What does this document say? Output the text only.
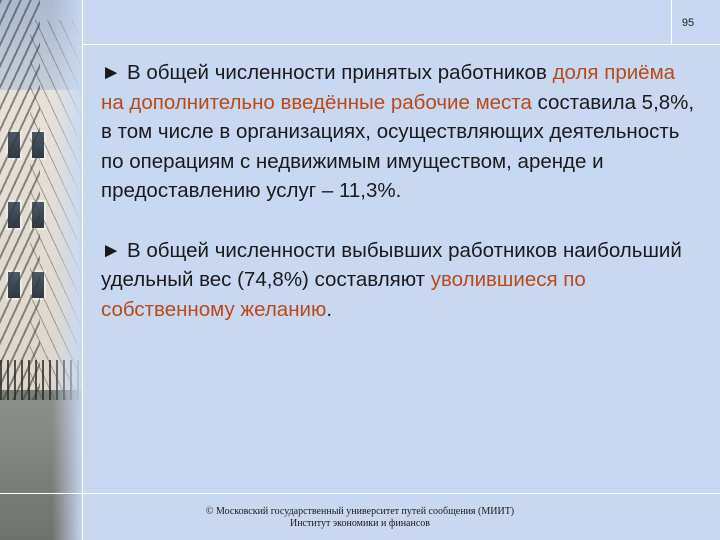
95

► В общей численности принятых работников доля приёма на дополнительно введённые рабочие места составила 5,8%, в том числе в организациях, осуществляющих деятельность по операциям с недвижимым имуществом, аренде и предоставлению услуг – 11,3%.

► В общей численности выбывших работников наибольший удельный вес (74,8%) составляют уволившиеся по собственному желанию.

© Московский государственный университет путей сообщения (МИИТ)
Институт экономики и финансов
